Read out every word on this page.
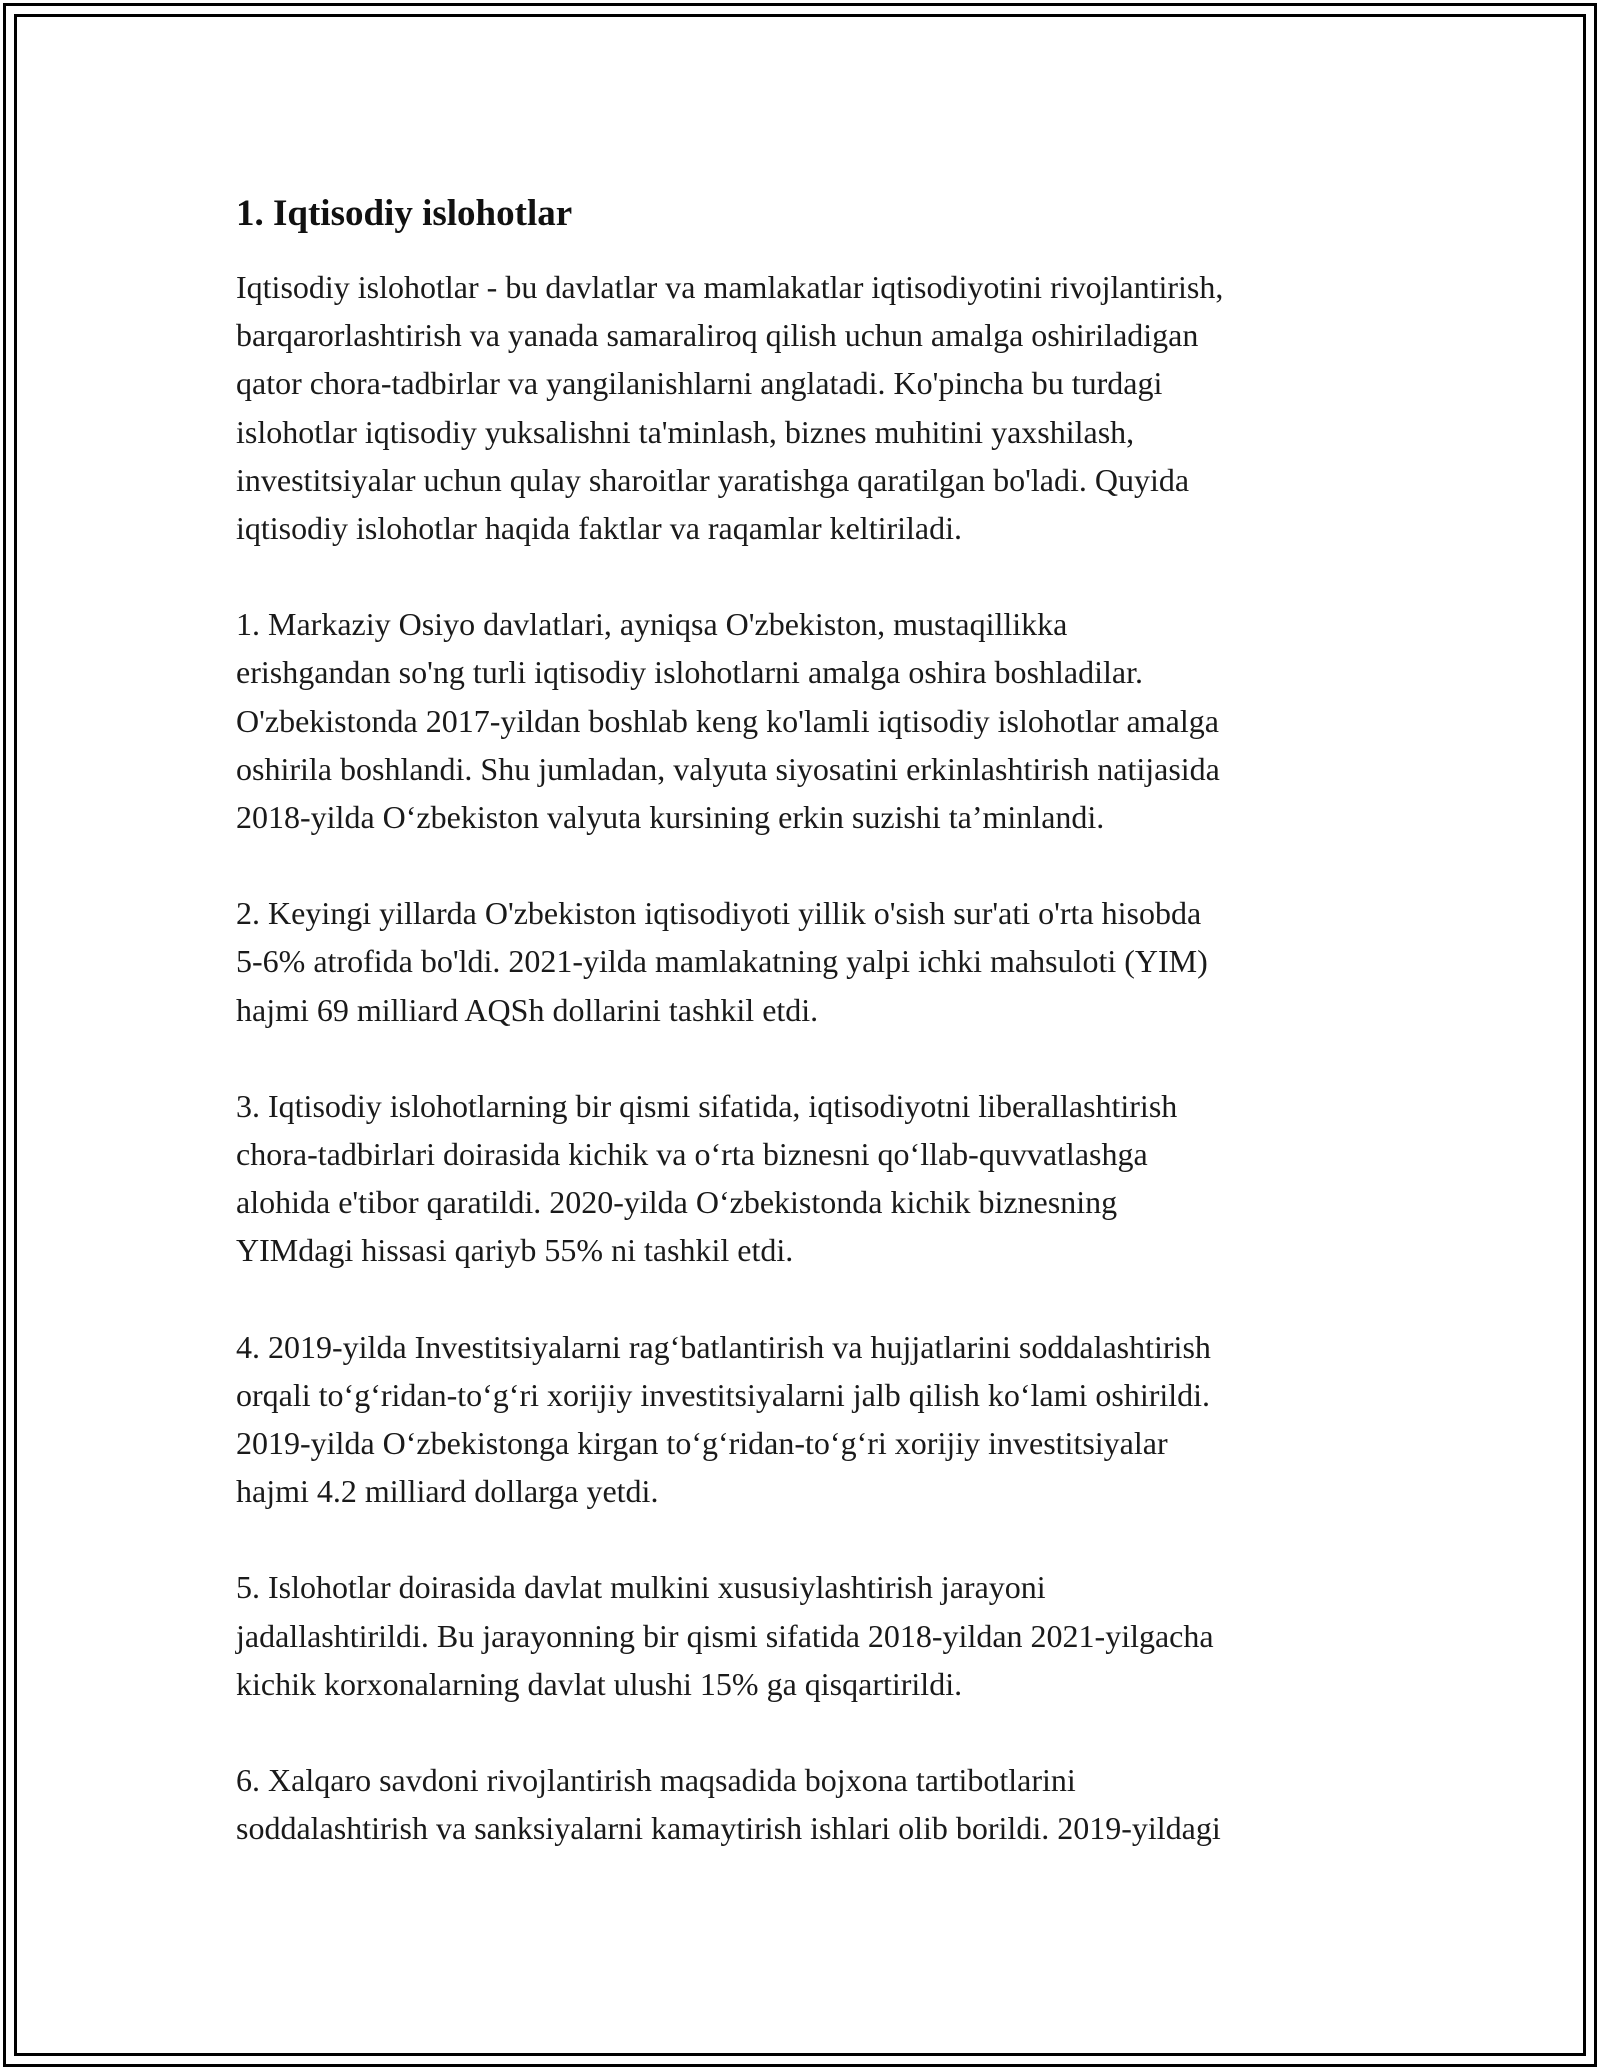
1. Iqtisodiy islohotlar

Iqtisodiy islohotlar - bu davlatlar va mamlakatlar iqtisodiyotini rivojlantirish,
barqarorlashtirish va yanada samaraliroq qilish uchun amalga oshiriladigan
qator chora-tadbirlar va yangilanishlarni anglatadi. Ko'pincha bu turdagi
islohotlar iqtisodiy yuksalishni ta'minlash, biznes muhitini yaxshilash,
investitsiyalar uchun qulay sharoitlar yaratishga qaratilgan bo'ladi. Quyida
iqtisodiy islohotlar haqida faktlar va raqamlar keltiriladi.

1. Markaziy Osiyo davlatlari, ayniqsa O'zbekiston, mustaqillikka
erishgandan so'ng turli iqtisodiy islohotlarni amalga oshira boshladilar.
O'zbekistonda 2017-yildan boshlab keng ko'lamli iqtisodiy islohotlar amalga
oshirila boshlandi. Shu jumladan, valyuta siyosatini erkinlashtirish natijasida
2018-yilda O‘zbekiston valyuta kursining erkin suzishi ta’minlandi.

2. Keyingi yillarda O'zbekiston iqtisodiyoti yillik o'sish sur'ati o'rta hisobda
5-6% atrofida bo'ldi. 2021-yilda mamlakatning yalpi ichki mahsuloti (YIM)
hajmi 69 milliard AQSh dollarini tashkil etdi.

3. Iqtisodiy islohotlarning bir qismi sifatida, iqtisodiyotni liberallashtirish
chora-tadbirlari doirasida kichik va o‘rta biznesni qo‘llab-quvvatlashga
alohida e'tibor qaratildi. 2020-yilda O‘zbekistonda kichik biznesning
YIMdagi hissasi qariyb 55% ni tashkil etdi.

4. 2019-yilda Investitsiyalarni rag‘batlantirish va hujjatlarini soddalashtirish
orqali to‘g‘ridan-to‘g‘ri xorijiy investitsiyalarni jalb qilish ko‘lami oshirildi.
2019-yilda O‘zbekistonga kirgan to‘g‘ridan-to‘g‘ri xorijiy investitsiyalar
hajmi 4.2 milliard dollarga yetdi.

5. Islohotlar doirasida davlat mulkini xususiylashtirish jarayoni
jadallashtirildi. Bu jarayonning bir qismi sifatida 2018-yildan 2021-yilgacha
kichik korxonalarning davlat ulushi 15% ga qisqartirildi.

6. Xalqaro savdoni rivojlantirish maqsadida bojxona tartibotlarini
soddalashtirish va sanksiyalarni kamaytirish ishlari olib borildi. 2019-yildagi
